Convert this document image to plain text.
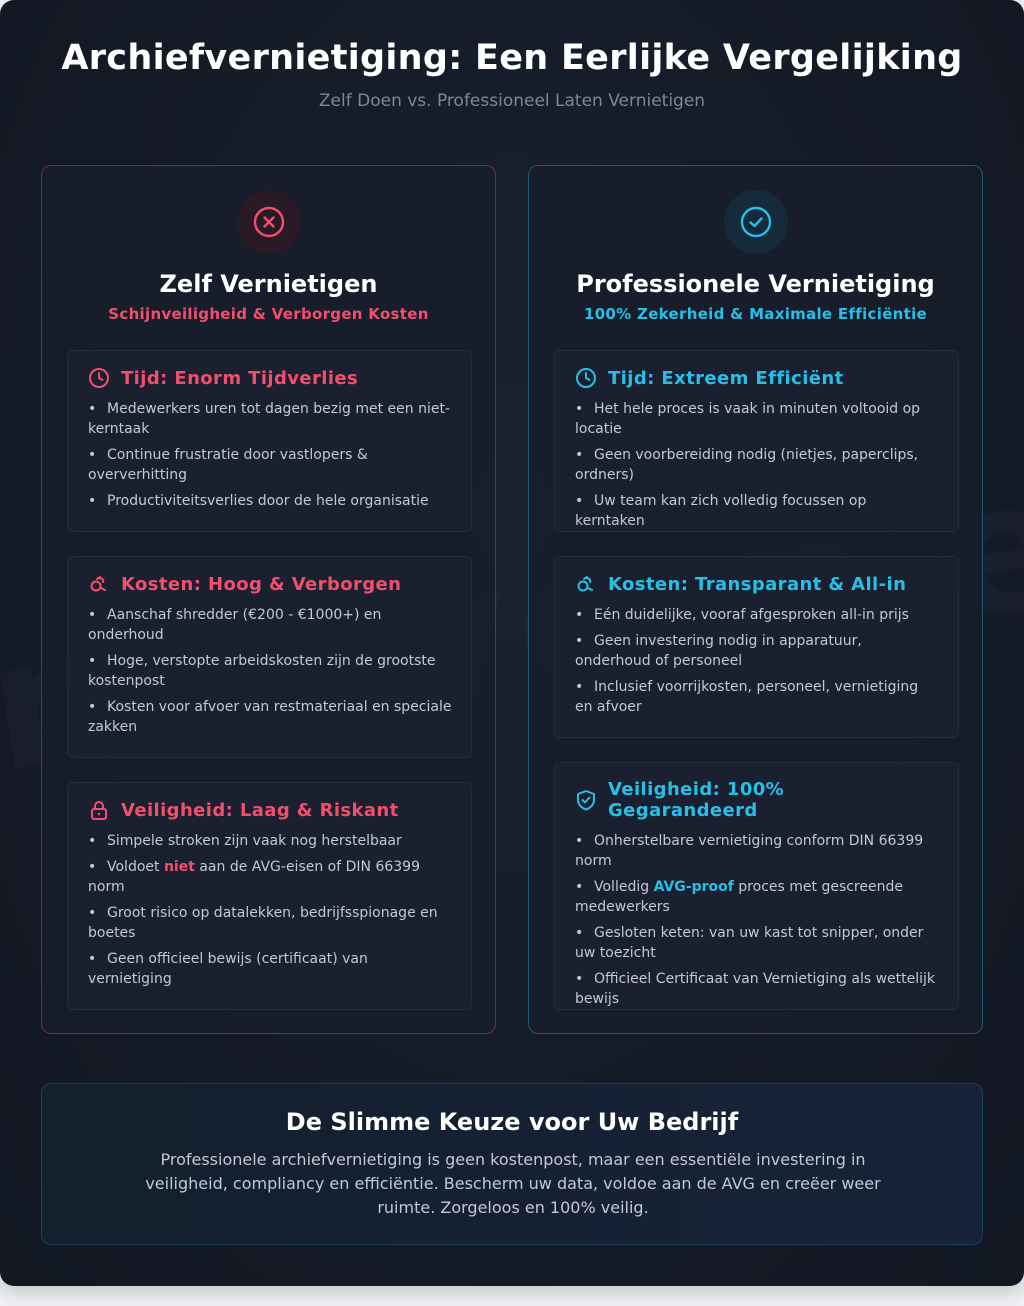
Archiefvernietiging: Een Eerlijke Vergelijking
Zelf Doen vs. Professioneel Laten Vernietigen
Zelf Vernietigen
Schijnveiligheid & Verborgen Kosten
Tijd: Enorm Tijdverlies
• Medewerkers uren tot dagen bezig met een niet-kerntaak
• Continue frustratie door vastlopers & oververhitting
• Productiviteitsverlies door de hele organisatie
Kosten: Hoog & Verborgen
• Aanschaf shredder (€200 - €1000+) en onderhoud
• Hoge, verstopte arbeidskosten zijn de grootste kostenpost
• Kosten voor afvoer van restmateriaal en speciale zakken
Veiligheid: Laag & Riskant
• Simpele stroken zijn vaak nog herstelbaar
• Voldoet niet aan de AVG-eisen of DIN 66399 norm
• Groot risico op datalekken, bedrijfsspionage en boetes
• Geen officieel bewijs (certificaat) van vernietiging
Professionele Vernietiging
100% Zekerheid & Maximale Efficiëntie
Tijd: Extreem Efficiënt
• Het hele proces is vaak in minuten voltooid op locatie
• Geen voorbereiding nodig (nietjes, paperclips, ordners)
• Uw team kan zich volledig focussen op kerntaken
Kosten: Transparant & All-in
• Eén duidelijke, vooraf afgesproken all-in prijs
• Geen investering nodig in apparatuur, onderhoud of personeel
• Inclusief voorrijkosten, personeel, vernietiging en afvoer
Veiligheid: 100% Gegarandeerd
• Onherstelbare vernietiging conform DIN 66399 norm
• Volledig AVG-proof proces met gescreende medewerkers
• Gesloten keten: van uw kast tot snipper, onder uw toezicht
• Officieel Certificaat van Vernietiging als wettelijk bewijs
De Slimme Keuze voor Uw Bedrijf

Professionele archiefvernietiging is geen kostenpost, maar een essentiële investering in veiligheid, compliancy en efficiëntie. Bescherm uw data, voldoe aan de AVG en creëer weer ruimte. Zorgeloos en 100% veilig.
